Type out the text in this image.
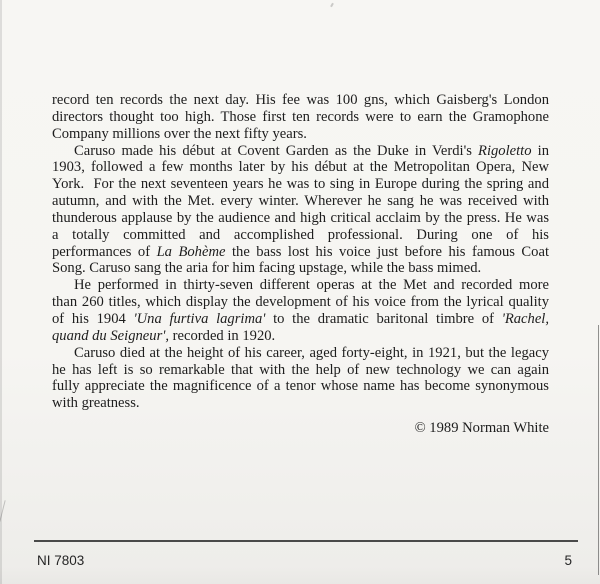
record ten records the next day. His fee was 100 gns, which Gaisberg's London
directors thought too high. Those first ten records were to earn the Gramophone
Company millions over the next fifty years.
Caruso made his début at Covent Garden as the Duke in Verdi's Rigoletto in
1903, followed a few months later by his début at the Metropolitan Opera, New
York.  For the next seventeen years he was to sing in Europe during the spring and
autumn, and with the Met. every winter. Wherever he sang he was received with
thunderous applause by the audience and high critical acclaim by the press. He was
a totally committed and accomplished professional. During one of his
performances of La Bohème the bass lost his voice just before his famous Coat
Song. Caruso sang the aria for him facing upstage, while the bass mimed.
He performed in thirty-seven different operas at the Met and recorded more
than 260 titles, which display the development of his voice from the lyrical quality
of his 1904 'Una furtiva lagrima' to the dramatic baritonal timbre of 'Rachel,
quand du Seigneur', recorded in 1920.
Caruso died at the height of his career, aged forty-eight, in 1921, but the legacy
he has left is so remarkable that with the help of new technology we can again
fully appreciate the magnificence of a tenor whose name has become synonymous
with greatness.
© 1989 Norman White
NI 7803	5
